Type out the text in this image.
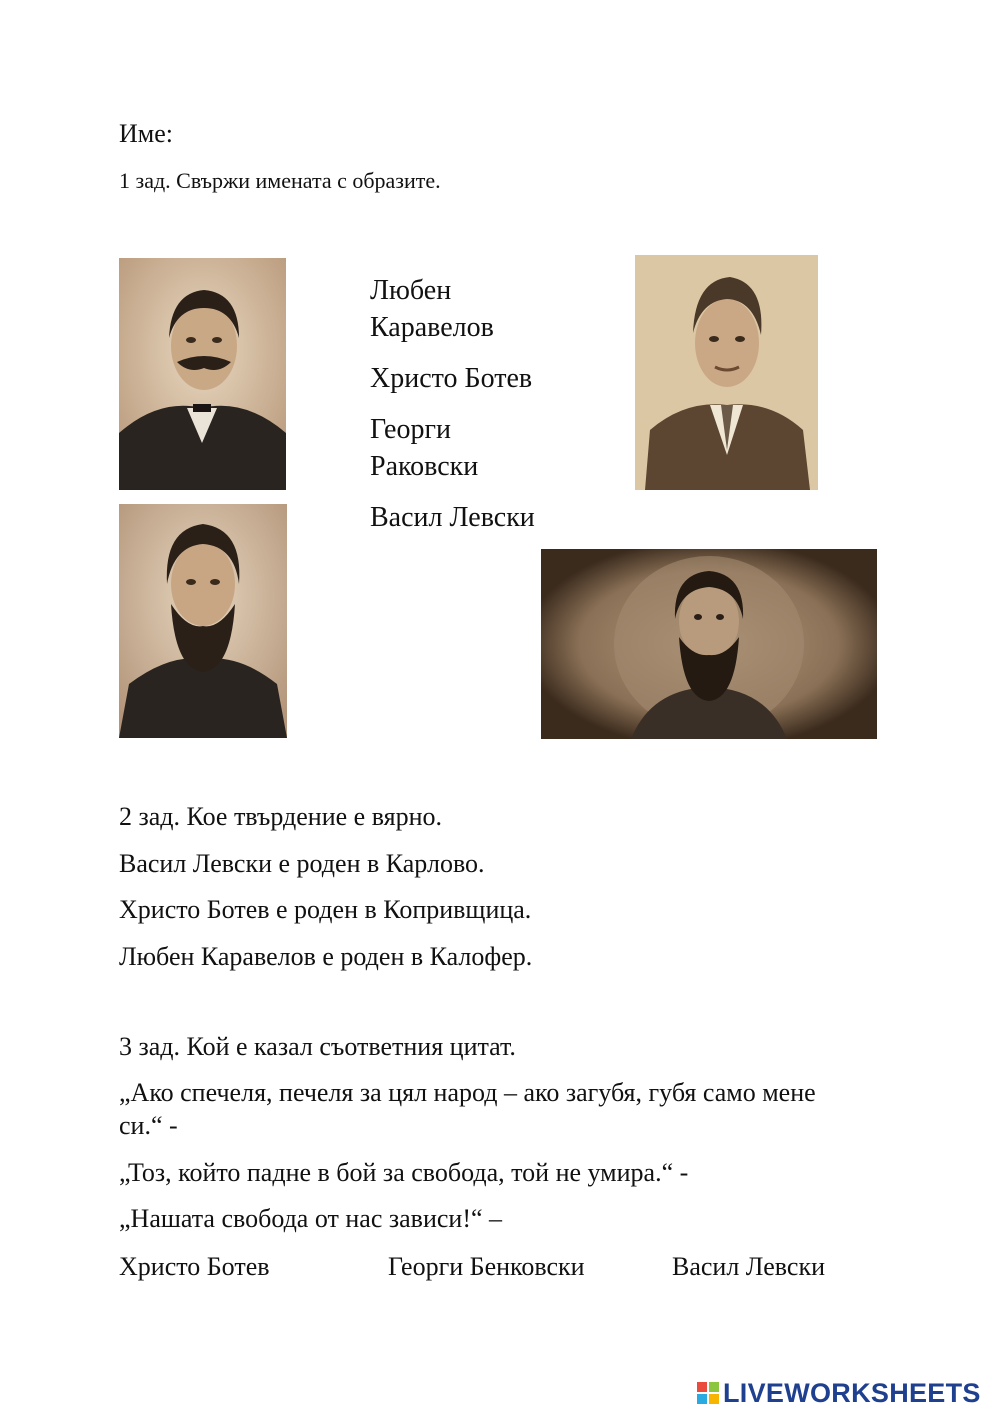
Име:
1 зад. Свържи имената с образите.
Любен
Каравелов
Христо Ботев
Георги
Раковски
Васил Левски
2 зад. Кое твърдение е вярно.
Васил Левски е роден в Карлово.
Христо Ботев е роден в Копривщица.
Любен Каравелов е роден в Калофер.
3 зад. Кой е казал съответния цитат.
„Ако спечеля, печеля за цял народ – ако загубя, губя само мене
си.“ -
„Тоз, който падне в бой за свобода, той не умира.“ -
„Нашата свобода от нас зависи!“ –
Христо Ботев	Георги Бенковски	Васил Левски
LIVEWORKSHEETS
